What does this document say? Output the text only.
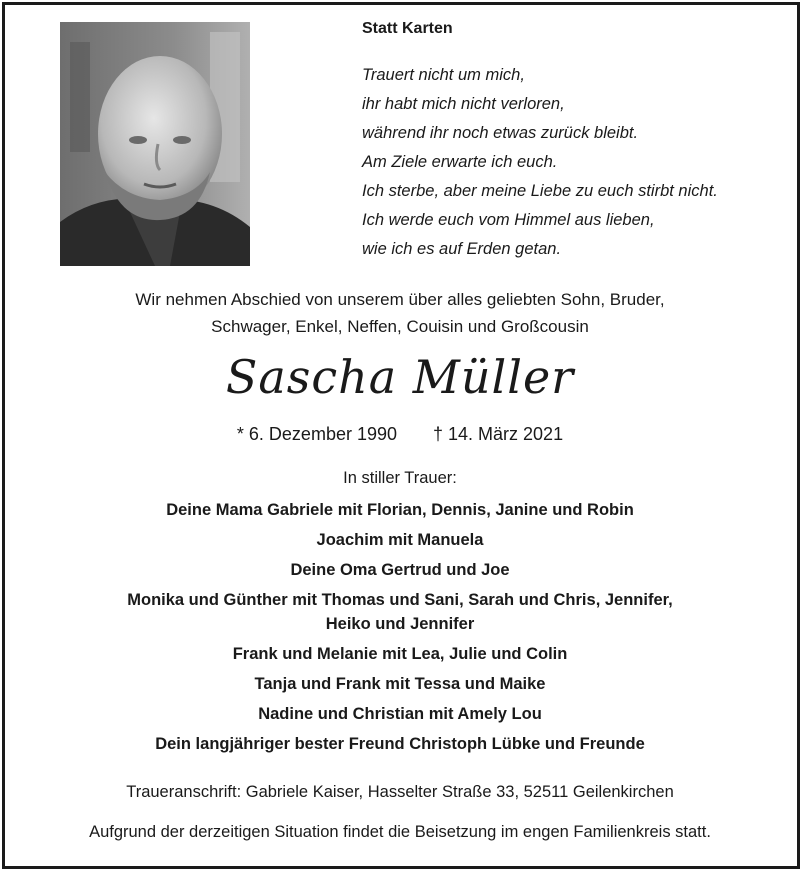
Statt Karten
Trauert nicht um mich,
ihr habt mich nicht verloren,
während ihr noch etwas zurück bleibt.
Am Ziele erwarte ich euch.
Ich sterbe, aber meine Liebe zu euch stirbt nicht.
Ich werde euch vom Himmel aus lieben,
wie ich es auf Erden getan.
Wir nehmen Abschied von unserem über alles geliebten Sohn, Bruder,
Schwager, Enkel, Neffen, Couisin und Großcousin
Sascha Müller
* 6. Dezember 1990 † 14. März 2021
In stiller Trauer:
Deine Mama Gabriele mit Florian, Dennis, Janine und Robin
Joachim mit Manuela
Deine Oma Gertrud und Joe
Monika und Günther mit Thomas und Sani, Sarah und Chris, Jennifer,
Heiko und Jennifer
Frank und Melanie mit Lea, Julie und Colin
Tanja und Frank mit Tessa und Maike
Nadine und Christian mit Amely Lou
Dein langjähriger bester Freund Christoph Lübke und Freunde
Traueranschrift: Gabriele Kaiser, Hasselter Straße 33, 52511 Geilenkirchen
Aufgrund der derzeitigen Situation findet die Beisetzung im engen Familienkreis statt.
